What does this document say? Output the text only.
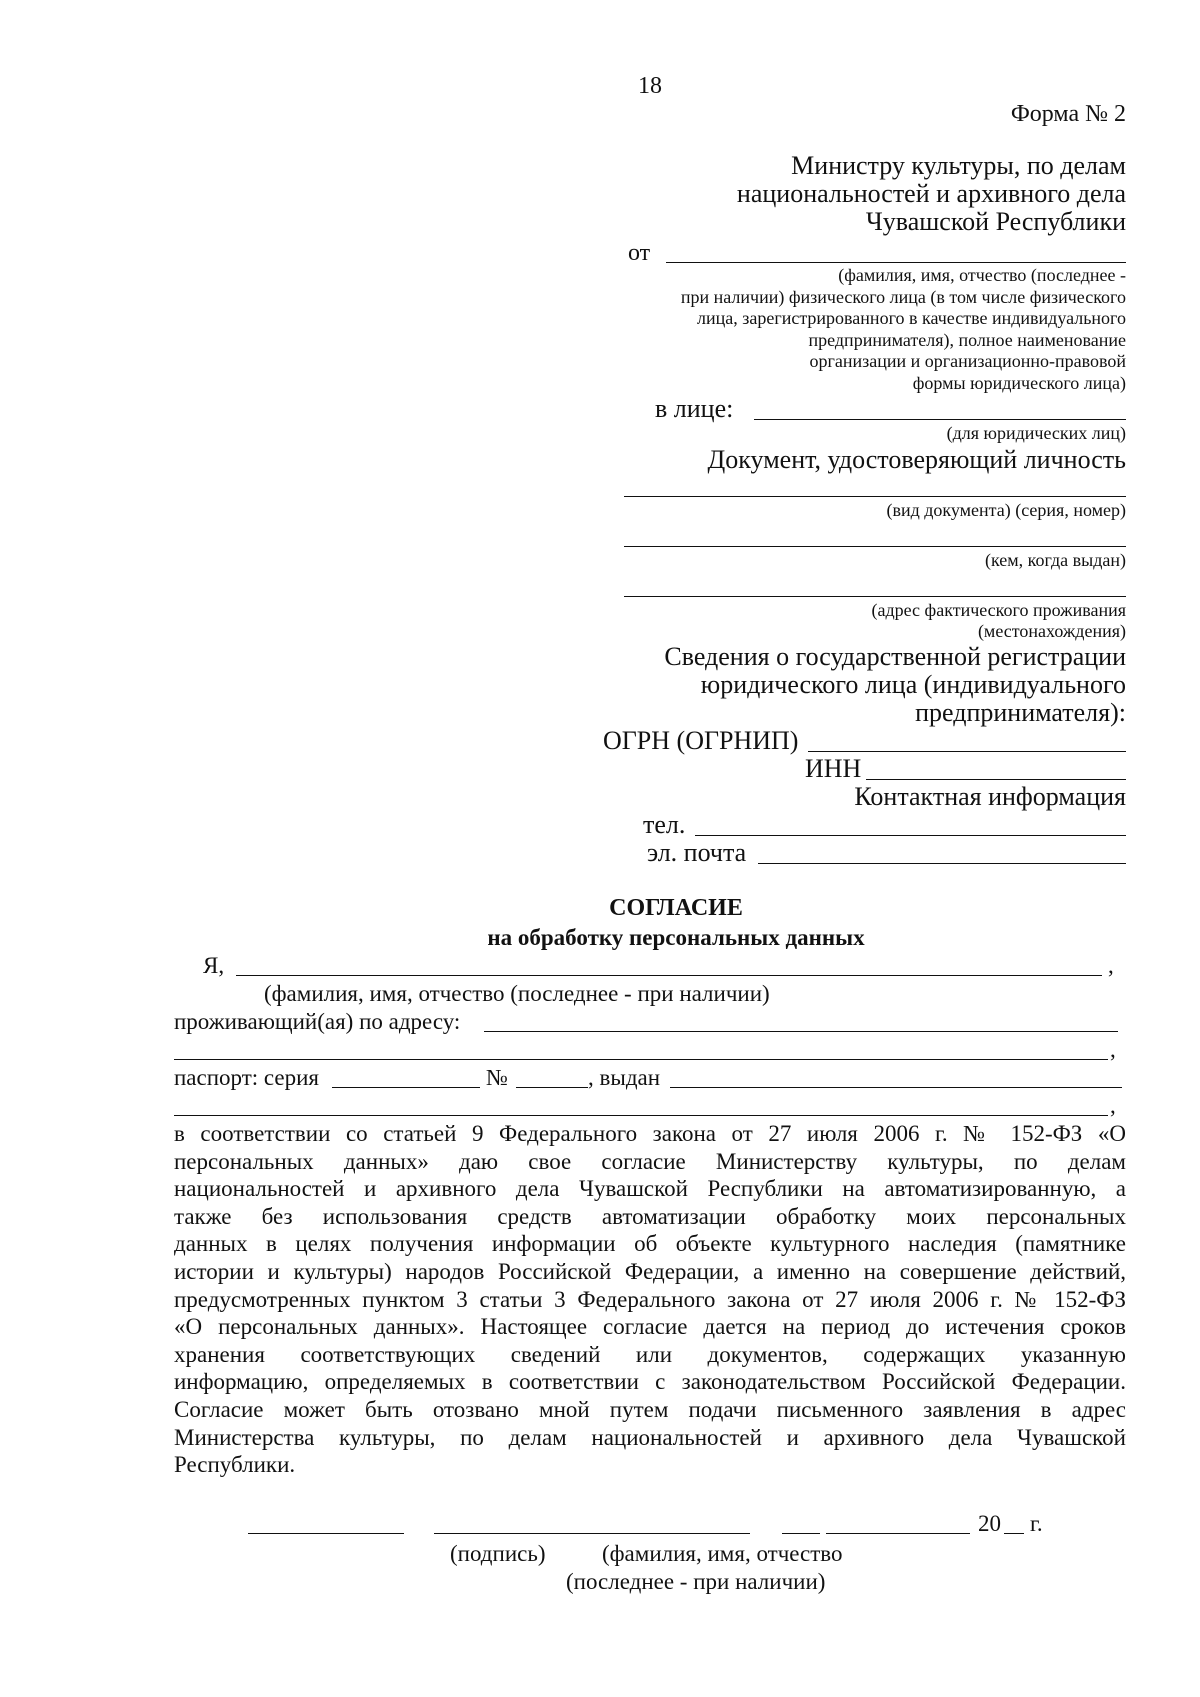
18
Форма № 2
Министру культуры, по делам
национальностей и архивного дела
Чувашской Республики
от
(фамилия, имя, отчество (последнее -
при наличии) физического лица (в том числе физического
лица, зарегистрированного в качестве индивидуального
предпринимателя), полное наименование
организации и организационно-правовой
формы юридического лица)
в лице:
(для юридических лиц)
Документ, удостоверяющий личность
(вид документа) (серия, номер)
(кем, когда выдан)
(адрес фактического проживания
(местонахождения)
Сведения о государственной регистрации
юридического лица (индивидуального
предпринимателя):
ОГРН (ОГРНИП)
ИНН
Контактная информация
тел.
эл. почта
СОГЛАСИЕ
на обработку персональных данных
Я,	,
(фамилия, имя, отчество (последнее - при наличии)
проживающий(ая) по адресу:
,
паспорт: серия	№	, выдан
,
в соответствии со статьей 9 Федерального закона от 27 июля 2006 г. № 152-ФЗ «О
персональных данных» даю свое согласие Министерству культуры, по делам
национальностей и архивного дела Чувашской Республики на автоматизированную, а
также без использования средств автоматизации обработку моих персональных
данных в целях получения информации об объекте культурного наследия (памятнике
истории и культуры) народов Российской Федерации, а именно на совершение действий,
предусмотренных пунктом 3 статьи 3 Федерального закона от 27 июля 2006 г. № 152-ФЗ
«О персональных данных». Настоящее согласие дается на период до истечения сроков
хранения соответствующих сведений или документов, содержащих указанную
информацию, определяемых в соответствии с законодательством Российской Федерации.
Согласие может быть отозвано мной путем подачи письменного заявления в адрес
Министерства культуры, по делам национальностей и архивного дела Чувашской
Республики.
20 г.
(подпись) (фамилия, имя, отчество
(последнее - при наличии)
